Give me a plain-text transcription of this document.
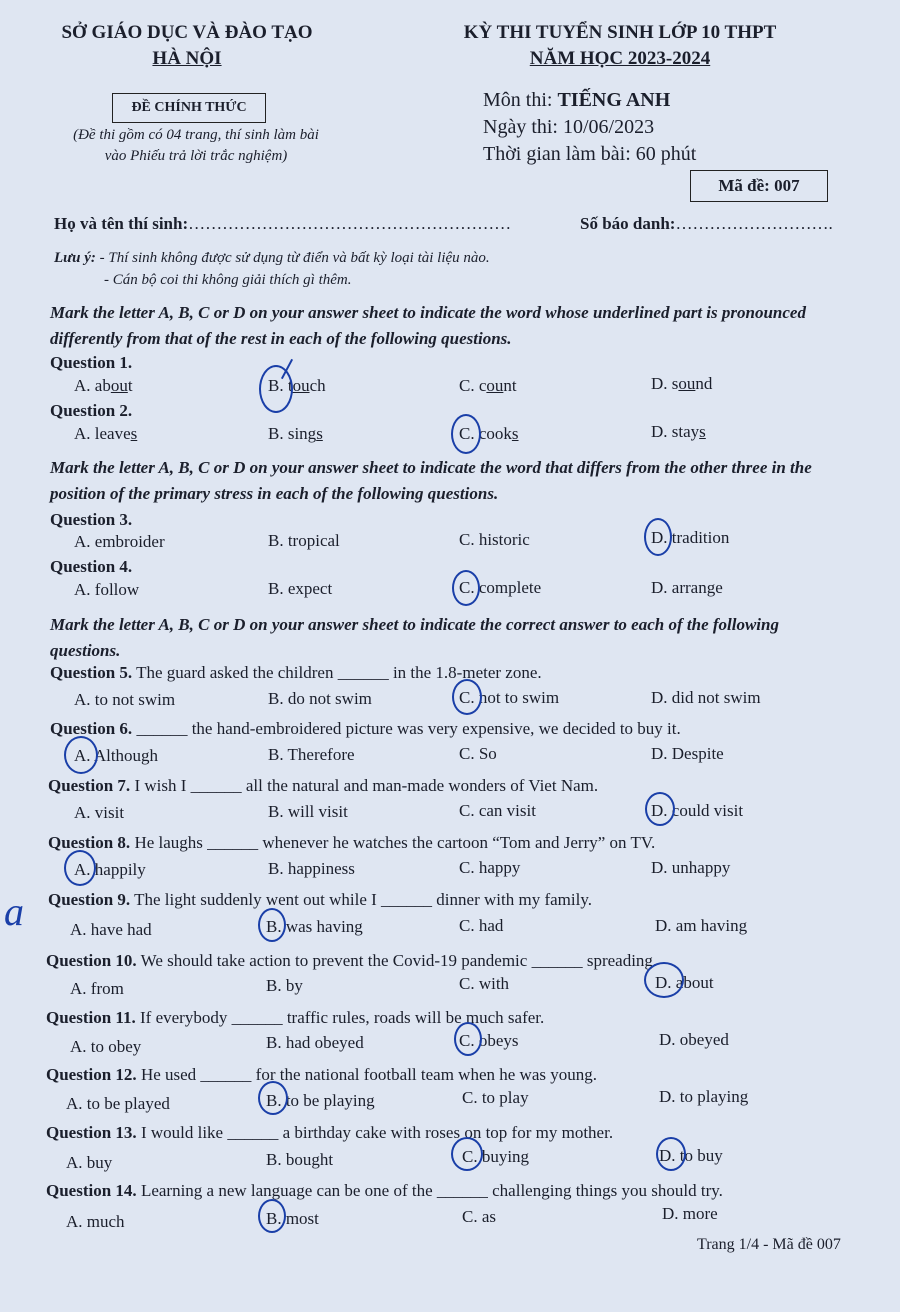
SỞ GIÁO DỤC VÀ ĐÀO TẠO
HÀ NỘI
KỲ THI TUYỂN SINH LỚP 10 THPT
NĂM HỌC 2023-2024
ĐỀ CHÍNH THỨC
(Đề thi gồm có 04 trang, thí sinh làm bài
vào Phiếu trả lời trắc nghiệm)
Môn thi: TIẾNG ANH
Ngày thi: 10/06/2023
Thời gian làm bài: 60 phút
Mã đề: 007
Họ và tên thí sinh:…………………………………………………	Số báo danh:……………………….
Lưu ý: - Thí sinh không được sử dụng từ điển và bất kỳ loại tài liệu nào.
- Cán bộ coi thi không giải thích gì thêm.
Mark the letter A, B, C or D on your answer sheet to indicate the word whose underlined part is pronounced differently from that of the rest in each of the following questions.
Question 1.
A. about	B. touch	C. count	D. sound
Question 2.
A. leaves	B. sings	C. cooks	D. stays
Mark the letter A, B, C or D on your answer sheet to indicate the word that differs from the other three in the position of the primary stress in each of the following questions.
Question 3.
A. embroider	B. tropical	C. historic	D. tradition
Question 4.
A. follow	B. expect	C. complete	D. arrange
Mark the letter A, B, C or D on your answer sheet to indicate the correct answer to each of the following questions.
Question 5. The guard asked the children ______ in the 1.8-meter zone.
A. to not swim	B. do not swim	C. not to swim	D. did not swim
Question 6. ______ the hand-embroidered picture was very expensive, we decided to buy it.
A. Although	B. Therefore	C. So	D. Despite
Question 7. I wish I ______ all the natural and man-made wonders of Viet Nam.
A. visit	B. will visit	C. can visit	D. could visit
Question 8. He laughs ______ whenever he watches the cartoon “Tom and Jerry” on TV.
A. happily	B. happiness	C. happy	D. unhappy
Question 9. The light suddenly went out while I ______ dinner with my family.
A. have had	B. was having	C. had	D. am having
Question 10. We should take action to prevent the Covid-19 pandemic ______ spreading.
A. from	B. by	C. with	D. about
Question 11. If everybody ______ traffic rules, roads will be much safer.
A. to obey	B. had obeyed	C. obeys	D. obeyed
Question 12. He used ______ for the national football team when he was young.
A. to be played	B. to be playing	C. to play	D. to playing
Question 13. I would like ______ a birthday cake with roses on top for my mother.
A. buy	B. bought	C. buying	D. to buy
Question 14. Learning a new language can be one of the ______ challenging things you should try.
A. much	B. most	C. as	D. more
Trang 1/4 - Mã đề 007
a
